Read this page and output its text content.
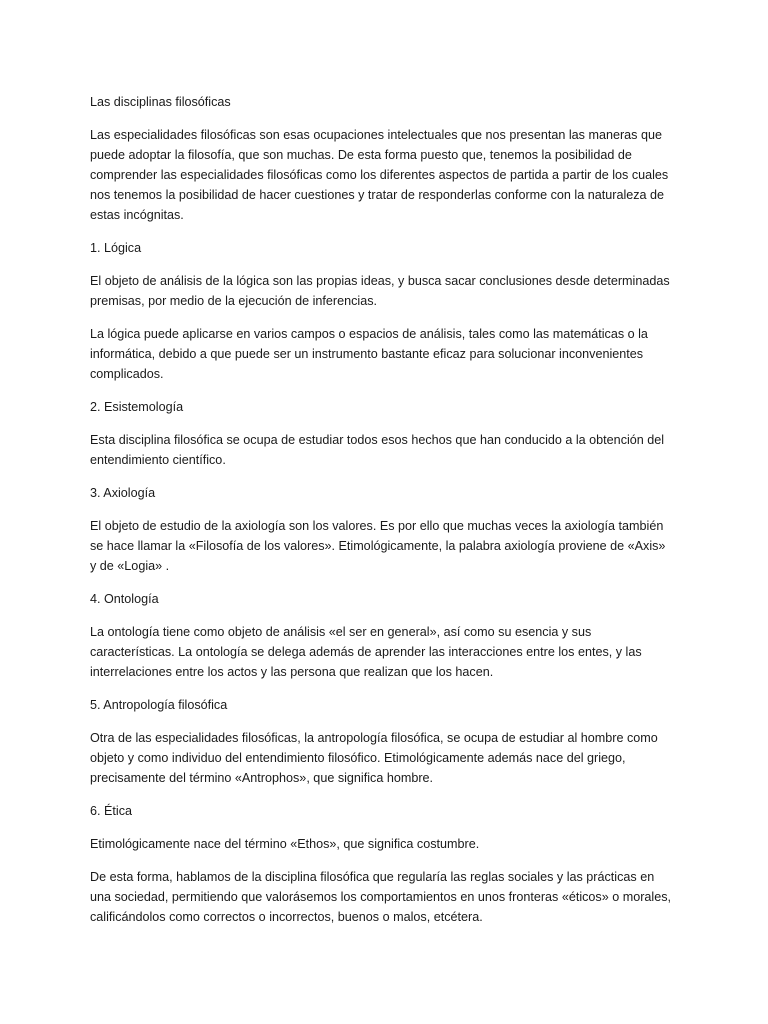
Las disciplinas filosóficas

Las especialidades filosóficas son esas ocupaciones intelectuales que nos presentan las maneras que puede adoptar la filosofía, que son muchas. De esta forma puesto que, tenemos la posibilidad de comprender las especialidades filosóficas como los diferentes aspectos de partida a partir de los cuales nos tenemos la posibilidad de hacer cuestiones y tratar de responderlas conforme con la naturaleza de estas incógnitas.

1. Lógica

El objeto de análisis de la lógica son las propias ideas, y busca sacar conclusiones desde determinadas premisas, por medio de la ejecución de inferencias.

La lógica puede aplicarse en varios campos o espacios de análisis, tales como las matemáticas o la informática, debido a que puede ser un instrumento bastante eficaz para solucionar inconvenientes complicados.

2. Esistemología

Esta disciplina filosófica se ocupa de estudiar todos esos hechos que han conducido a la obtención del entendimiento científico.

3. Axiología

El objeto de estudio de la axiología son los valores. Es por ello que muchas veces la axiología también se hace llamar la «Filosofía de los valores». Etimológicamente, la palabra axiología proviene de «Axis» y de «Logia» .

4. Ontología

La ontología tiene como objeto de análisis «el ser en general», así como su esencia y sus características. La ontología se delega además de aprender las interacciones entre los entes, y las interrelaciones entre los actos y las persona que realizan que los hacen.

5. Antropología filosófica

Otra de las especialidades filosóficas, la antropología filosófica, se ocupa de estudiar al hombre como objeto y como individuo del entendimiento filosófico. Etimológicamente además nace del griego, precisamente del término «Antrophos», que significa hombre.

6. Ética

Etimológicamente nace del término «Ethos», que significa costumbre.

De esta forma, hablamos de la disciplina filosófica que regularía las reglas sociales y las prácticas en una sociedad, permitiendo que valorásemos los comportamientos en unos fronteras «éticos» o morales, calificándolos como correctos o incorrectos, buenos o malos, etcétera.
